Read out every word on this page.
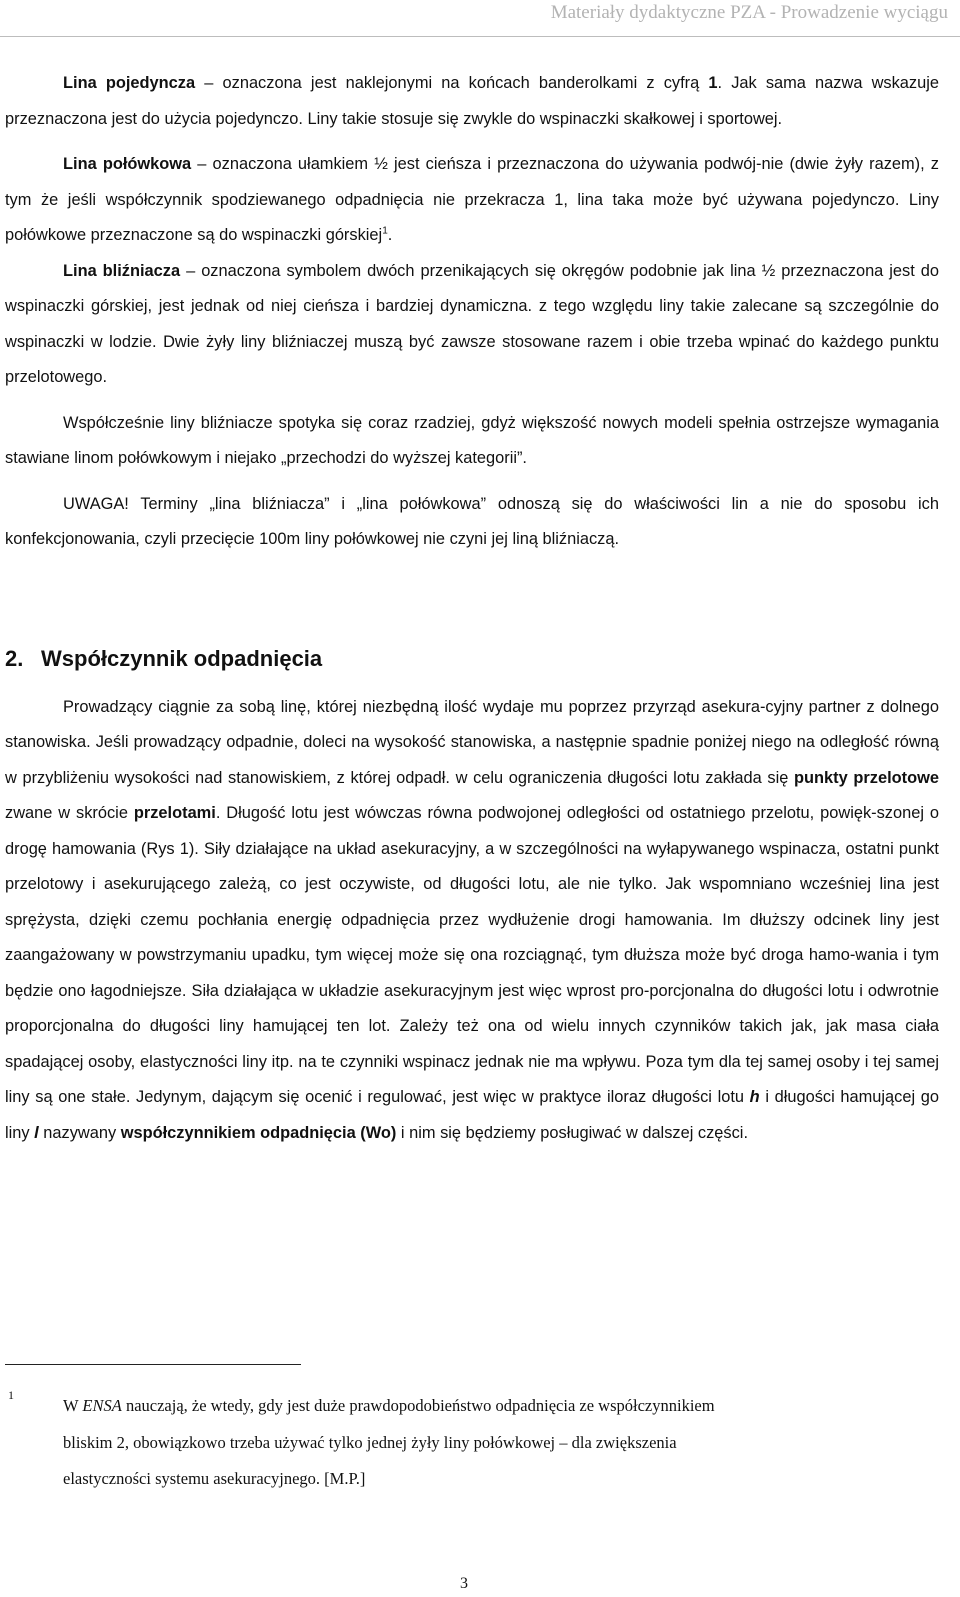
Materiały dydaktyczne PZA - Prowadzenie wyciągu

Lina pojedyncza – oznaczona jest naklejonymi na końcach banderolkami z cyfrą 1. Jak sama nazwa wskazuje przeznaczona jest do użycia pojedynczo. Liny takie stosuje się zwykle do wspinaczki skałkowej i sportowej.

Lina połówkowa – oznaczona ułamkiem ½ jest cieńsza i przeznaczona do używania podwój-nie (dwie żyły razem), z tym że jeśli współczynnik spodziewanego odpadnięcia nie przekracza 1, lina taka może być używana pojedynczo. Liny połówkowe przeznaczone są do wspinaczki górskiej$^1$.

Lina bliźniacza – oznaczona symbolem dwóch przenikających się okręgów podobnie jak lina ½ przeznaczona jest do wspinaczki górskiej, jest jednak od niej cieńsza i bardziej dynamiczna. z tego względu liny takie zalecane są szczególnie do wspinaczki w lodzie. Dwie żyły liny bliźniaczej muszą być zawsze stosowane razem i obie trzeba wpinać do każdego punktu przelotowego.

Współcześnie liny bliźniacze spotyka się coraz rzadziej, gdyż większość nowych modeli spełnia ostrzejsze wymagania stawiane linom połówkowym i niejako „przechodzi do wyższej kategorii”.

UWAGA! Terminy „lina bliźniacza” i „lina połówkowa” odnoszą się do właściwości lin a nie do sposobu ich konfekcjonowania, czyli przecięcie 100m liny połówkowej nie czyni jej liną bliźniaczą.

2. Współczynnik odpadnięcia

Prowadzący ciągnie za sobą linę, której niezbędną ilość wydaje mu poprzez przyrząd asekura-cyjny partner z dolnego stanowiska. Jeśli prowadzący odpadnie, doleci na wysokość stanowiska, a następnie spadnie poniżej niego na odległość równą w przybliżeniu wysokości nad stanowiskiem, z której odpadł. w celu ograniczenia długości lotu zakłada się punkty przelotowe zwane w skrócie przelotami. Długość lotu jest wówczas równa podwojonej odległości od ostatniego przelotu, powięk-szonej o drogę hamowania (Rys 1). Siły działające na układ asekuracyjny, a w szczególności na wyłapywanego wspinacza, ostatni punkt przelotowy i asekurującego zależą, co jest oczywiste, od długości lotu, ale nie tylko. Jak wspomniano wcześniej lina jest sprężysta, dzięki czemu pochłania energię odpadnięcia przez wydłużenie drogi hamowania. Im dłuższy odcinek liny jest zaangażowany w powstrzymaniu upadku, tym więcej może się ona rozciągnąć, tym dłuższa może być droga hamo-wania i tym będzie ono łagodniejsze. Siła działająca w układzie asekuracyjnym jest więc wprost pro-porcjonalna do długości lotu i odwrotnie proporcjonalna do długości liny hamującej ten lot. Zależy też ona od wielu innych czynników takich jak, jak masa ciała spadającej osoby, elastyczności liny itp. na te czynniki wspinacz jednak nie ma wpływu. Poza tym dla tej samej osoby i tej samej liny są one stałe. Jedynym, dającym się ocenić i regulować, jest więc w praktyce iloraz długości lotu h i długości hamującej go liny l nazywany współczynnikiem odpadnięcia (Wo) i nim się będziemy posługiwać w dalszej części.

1
W ENSA nauczają, że wtedy, gdy jest duże prawdopodobieństwo odpadnięcia ze współczynnikiem
bliskim 2, obowiązkowo trzeba używać tylko jednej żyły liny połówkowej – dla zwiększenia
elastyczności systemu asekuracyjnego. [M.P.]
3
